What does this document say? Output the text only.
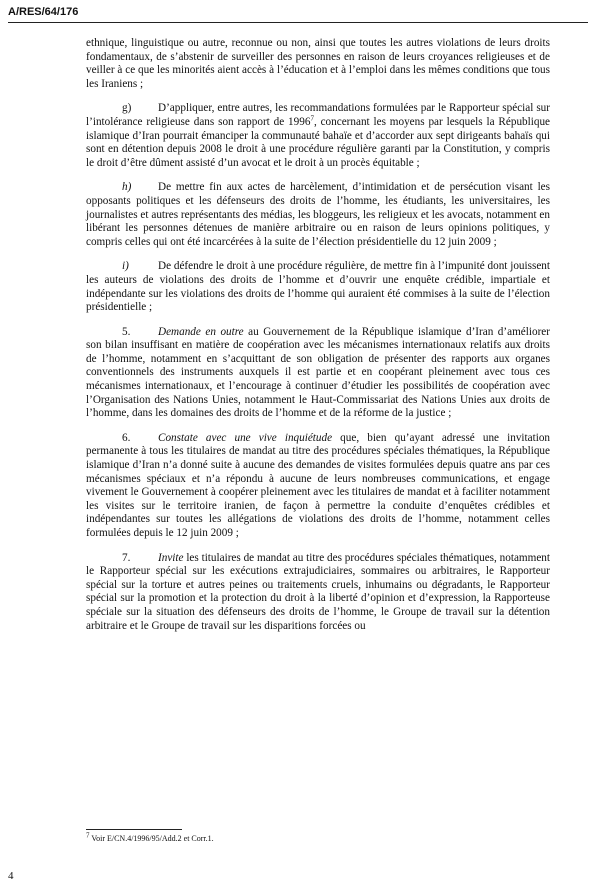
A/RES/64/176

ethnique, linguistique ou autre, reconnue ou non, ainsi que toutes les autres violations de leurs droits fondamentaux, de s’abstenir de surveiller des personnes en raison de leurs croyances religieuses et de veiller à ce que les minorités aient accès à l’éducation et à l’emploi dans les mêmes conditions que tous les Iraniens ;

g) D’appliquer, entre autres, les recommandations formulées par le Rapporteur spécial sur l’intolérance religieuse dans son rapport de 1996$^7$, concernant les moyens par lesquels la République islamique d’Iran pourrait émanciper la communauté bahaïe et d’accorder aux sept dirigeants bahaïs qui sont en détention depuis 2008 le droit à une procédure régulière garanti par la Constitution, y compris le droit d’être dûment assisté d’un avocat et le droit à un procès équitable ;

h) De mettre fin aux actes de harcèlement, d’intimidation et de persécution visant les opposants politiques et les défenseurs des droits de l’homme, les étudiants, les universitaires, les journalistes et autres représentants des médias, les bloggeurs, les religieux et les avocats, notamment en libérant les personnes détenues de manière arbitraire ou en raison de leurs opinions politiques, y compris celles qui ont été incarcérées à la suite de l’élection présidentielle du 12 juin 2009 ;

i)	De défendre le droit à une procédure régulière, de mettre fin à l’impunité dont jouissent les auteurs de violations des droits de l’homme et d’ouvrir une enquête crédible, impartiale et indépendante sur les violations des droits de l’homme qui auraient été commises à la suite de l’élection présidentielle ;

5. Demande en outre au Gouvernement de la République islamique d’Iran d’améliorer son bilan insuffisant en matière de coopération avec les mécanismes internationaux relatifs aux droits de l’homme, notamment en s’acquittant de son obligation de présenter des rapports aux organes conventionnels des instruments auxquels il est partie et en coopérant pleinement avec tous ces mécanismes internationaux, et l’encourage à continuer d’étudier les possibilités de coopération avec l’Organisation des Nations Unies, notamment le Haut-Commissariat des Nations Unies aux droits de l’homme, dans les domaines des droits de l’homme et de la réforme de la justice ;

6. Constate avec une vive inquiétude que, bien qu’ayant adressé une invitation permanente à tous les titulaires de mandat au titre des procédures spéciales thématiques, la République islamique d’Iran n’a donné suite à aucune des demandes de visites formulées depuis quatre ans par ces mécanismes spéciaux et n’a répondu à aucune de leurs nombreuses communications, et engage vivement le Gouvernement à coopérer pleinement avec les titulaires de mandat et à faciliter notamment les visites sur le territoire iranien, de façon à permettre la conduite d’enquêtes crédibles et indépendantes sur toutes les allégations de violations des droits de l’homme, notamment celles formulées depuis le 12 juin 2009 ;

7. Invite les titulaires de mandat au titre des procédures spéciales thématiques, notamment le Rapporteur spécial sur les exécutions extrajudiciaires, sommaires ou arbitraires, le Rapporteur spécial sur la torture et autres peines ou traitements cruels, inhumains ou dégradants, le Rapporteur spécial sur la promotion et la protection du droit à la liberté d’opinion et d’expression, la Rapporteuse spéciale sur la situation des défenseurs des droits de l’homme, le Groupe de travail sur la détention arbitraire et le Groupe de travail sur les disparitions forcées ou

$^7$ Voir E/CN.4/1996/95/Add.2 et Corr.1.
4
